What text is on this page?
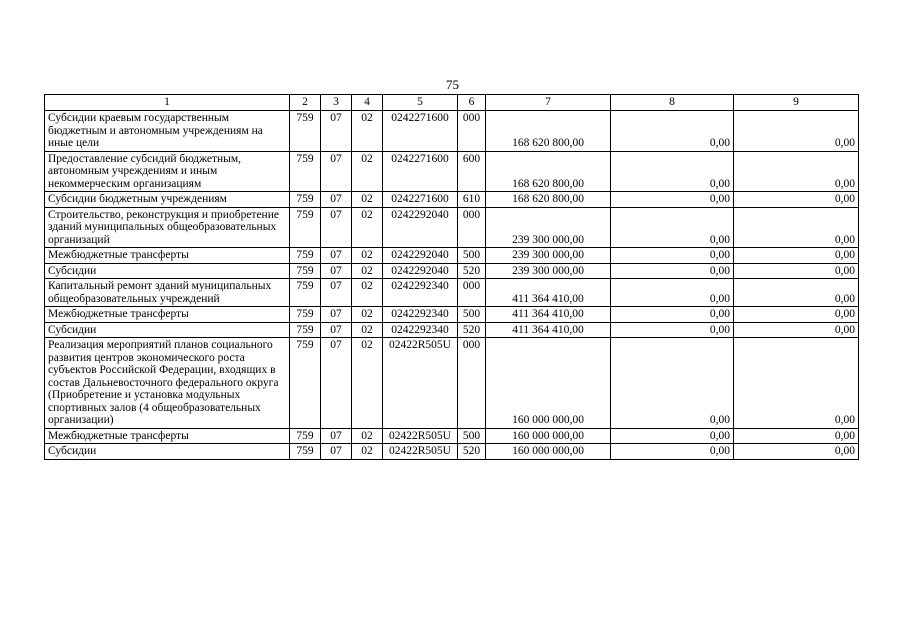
75
1	2	3	4	5	6	7	8	9
Субсидии краевым государственным бюджетным и автономным учреждениям на иные цели	759	07	02	0242271600	000	168 620 800,00	0,00	0,00
Предоставление субсидий бюджетным, автономным учреждениям и иным некоммерческим организациям	759	07	02	0242271600	600	168 620 800,00	0,00	0,00
Субсидии бюджетным учреждениям	759	07	02	0242271600	610	168 620 800,00	0,00	0,00
Строительство, реконструкция и приобретение зданий муниципальных общеобразовательных организаций	759	07	02	0242292040	000	239 300 000,00	0,00	0,00
Межбюджетные трансферты	759	07	02	0242292040	500	239 300 000,00	0,00	0,00
Субсидии	759	07	02	0242292040	520	239 300 000,00	0,00	0,00
Капитальный ремонт зданий муниципальных общеобразовательных учреждений	759	07	02	0242292340	000	411 364 410,00	0,00	0,00
Межбюджетные трансферты	759	07	02	0242292340	500	411 364 410,00	0,00	0,00
Субсидии	759	07	02	0242292340	520	411 364 410,00	0,00	0,00
Реализация мероприятий планов социального развития центров экономического роста субъектов Российской Федерации, входящих в состав Дальневосточного федерального округа (Приобретение и установка модульных спортивных залов (4 общеобразовательных организации)	759	07	02	02422R505U	000	160 000 000,00	0,00	0,00
Межбюджетные трансферты	759	07	02	02422R505U	500	160 000 000,00	0,00	0,00
Субсидии	759	07	02	02422R505U	520	160 000 000,00	0,00	0,00
